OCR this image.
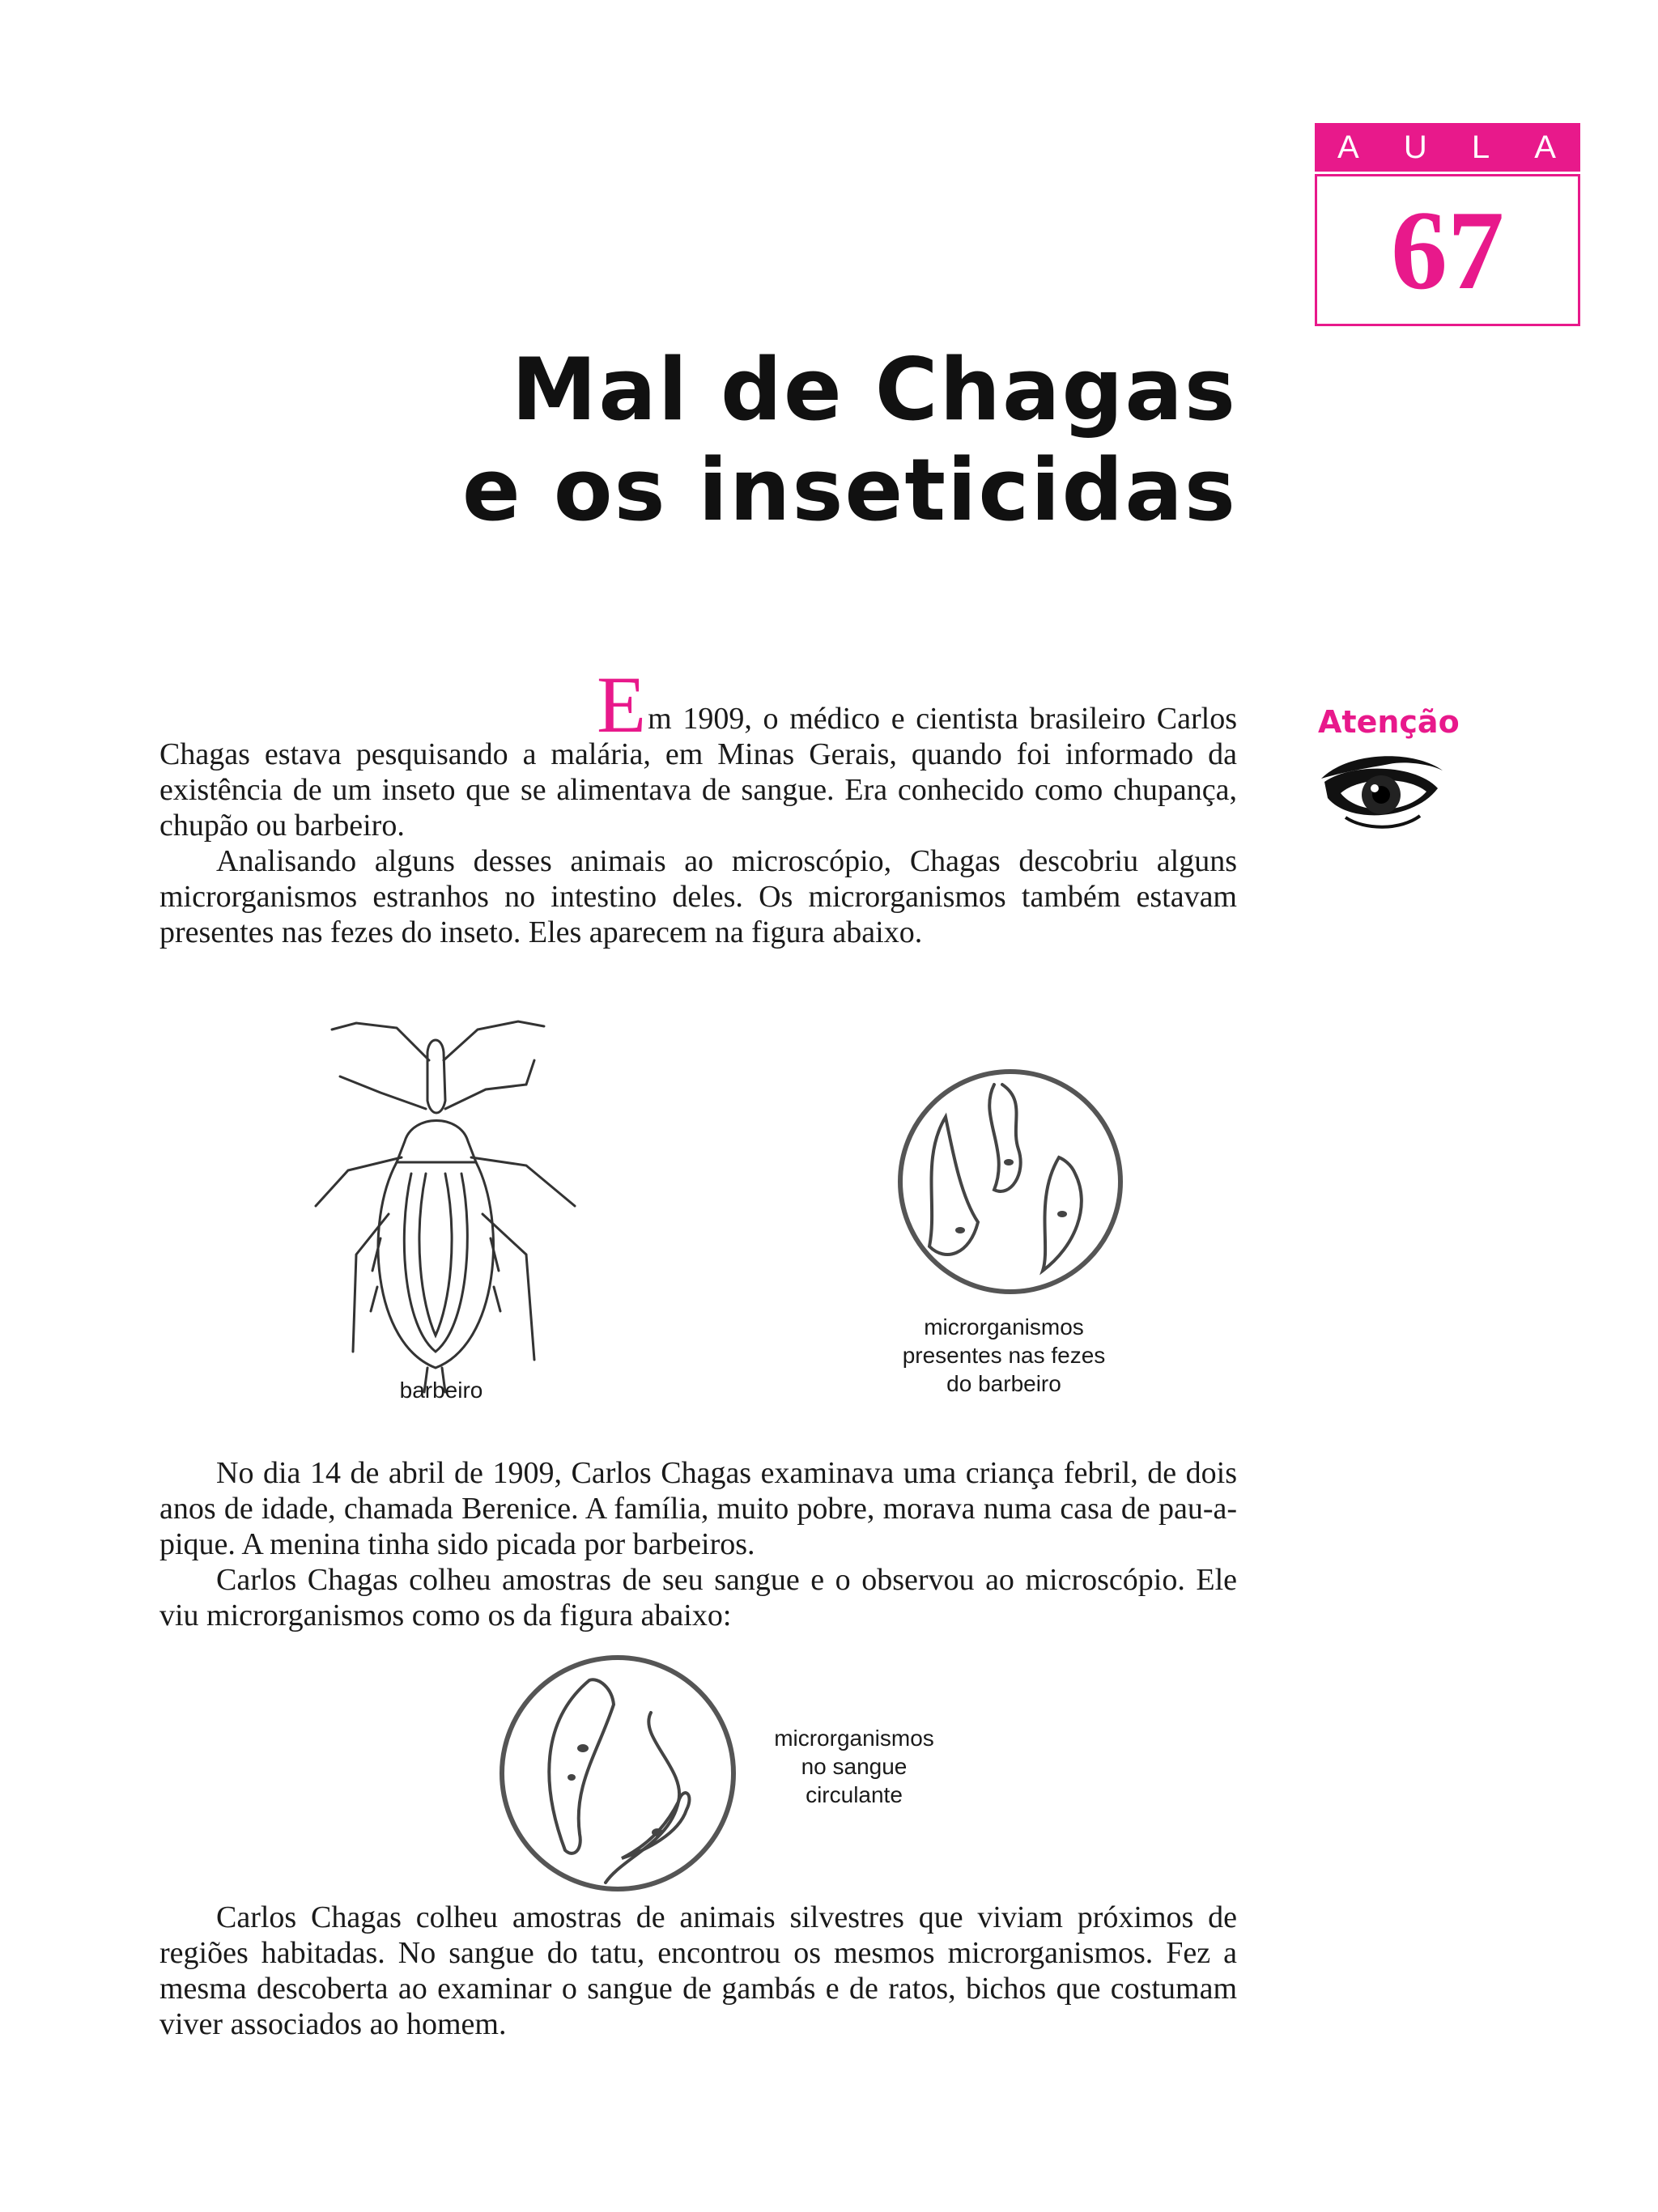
A U L A
67
Mal de Chagas
e os inseticidas
Atenção

Em 1909, o médico e cientista brasileiro Carlos Chagas estava pesquisando a malária, em Minas Gerais, quando foi informado da existência de um inseto que se alimentava de sangue. Era conhecido como chupança, chupão ou barbeiro.

Analisando alguns desses animais ao microscópio, Chagas descobriu alguns microrganismos estranhos no intestino deles. Os microrganismos também estavam presentes nas fezes do inseto. Eles aparecem na figura abaixo.

barbeiro
microrganismos
presentes nas fezes
do barbeiro

No dia 14 de abril de 1909, Carlos Chagas examinava uma criança febril, de dois anos de idade, chamada Berenice. A família, muito pobre, morava numa casa de pau-a-pique. A menina tinha sido picada por barbeiros.

Carlos Chagas colheu amostras de seu sangue e o observou ao microscópio. Ele viu microrganismos como os da figura abaixo:

microrganismos
no sangue
circulante

Carlos Chagas colheu amostras de animais silvestres que viviam próximos de regiões habitadas. No sangue do tatu, encontrou os mesmos microrganismos. Fez a mesma descoberta ao examinar o sangue de gambás e de ratos, bichos que costumam viver associados ao homem.
